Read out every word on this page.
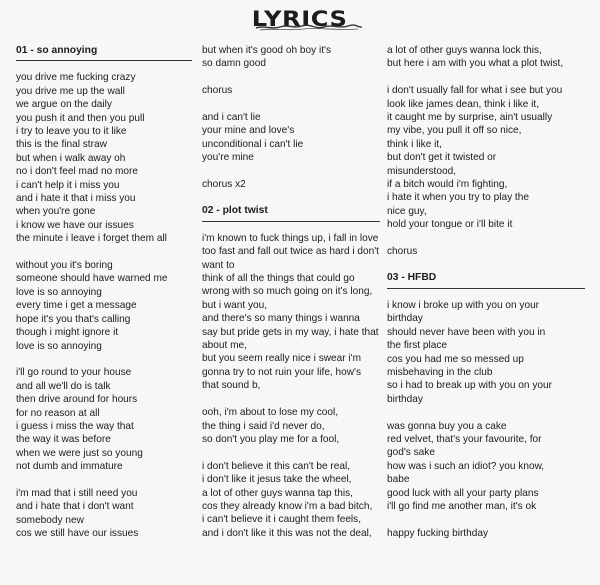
LYRICS
01 - so annoying
you drive me fucking crazy
you drive me up the wall
we argue on the daily
you push it and then you pull
i try to leave you to it like
this is the final straw
but when i walk away oh
no i don't feel mad no more
i can't help it i miss you
and i hate it that i miss you
when you're gone
i know we have our issues
the minute i leave i forget them all
without you it's boring
someone should have warned me
love is so annoying
every time i get a message
hope it's you that's calling
though i might ignore it
love is so annoying
i'll go round to your house
and all we'll do is talk
then drive around for hours
for no reason at all
i guess i miss the way that
the way it was before
when we were just so young
not dumb and immature
i'm mad that i still need you
and i hate that i don't want
somebody new
cos we still have our issues
but when it's good oh boy it's
so damn good
chorus
and i can't lie
your mine and love's
unconditional i can't lie
you're mine
chorus x2
02 - plot twist
i'm known to fuck things up, i fall in love
too fast and fall out twice as hard i don't
want to
think of all the things that could go
wrong with so much going on it's long,
but i want you,
and there's so many things i wanna
say but pride gets in my way, i hate that
about me,
but you seem really nice i swear i'm
gonna try to not ruin your life, how's
that sound b,
ooh, i'm about to lose my cool,
the thing i said i'd never do,
so don't you play me for a fool,
i don't believe it this can't be real,
i don't like it jesus take the wheel,
a lot of other guys wanna tap this,
cos they already know i'm a bad bitch,
i can't believe it i caught them feels,
and i don't like it this was not the deal,
a lot of other guys wanna lock this,
but here i am with you what a plot twist,
i don't usually fall for what i see but you
look like james dean, think i like it,
it caught me by surprise, ain't usually
my vibe, you pull it off so nice,
think i like it,
but don't get it twisted or
misunderstood,
if a bitch would i'm fighting,
i hate it when you try to play the
nice guy,
hold your tongue or i'll bite it
chorus
03 - HFBD
i know i broke up with you on your
birthday
should never have been with you in
the first place
cos you had me so messed up
misbehaving in the club
so i had to break up with you on your
birthday
was gonna buy you a cake
red velvet, that's your favourite, for
god's sake
how was i such an idiot? you know,
babe
good luck with all your party plans
i'll go find me another man, it's ok
happy fucking birthday
